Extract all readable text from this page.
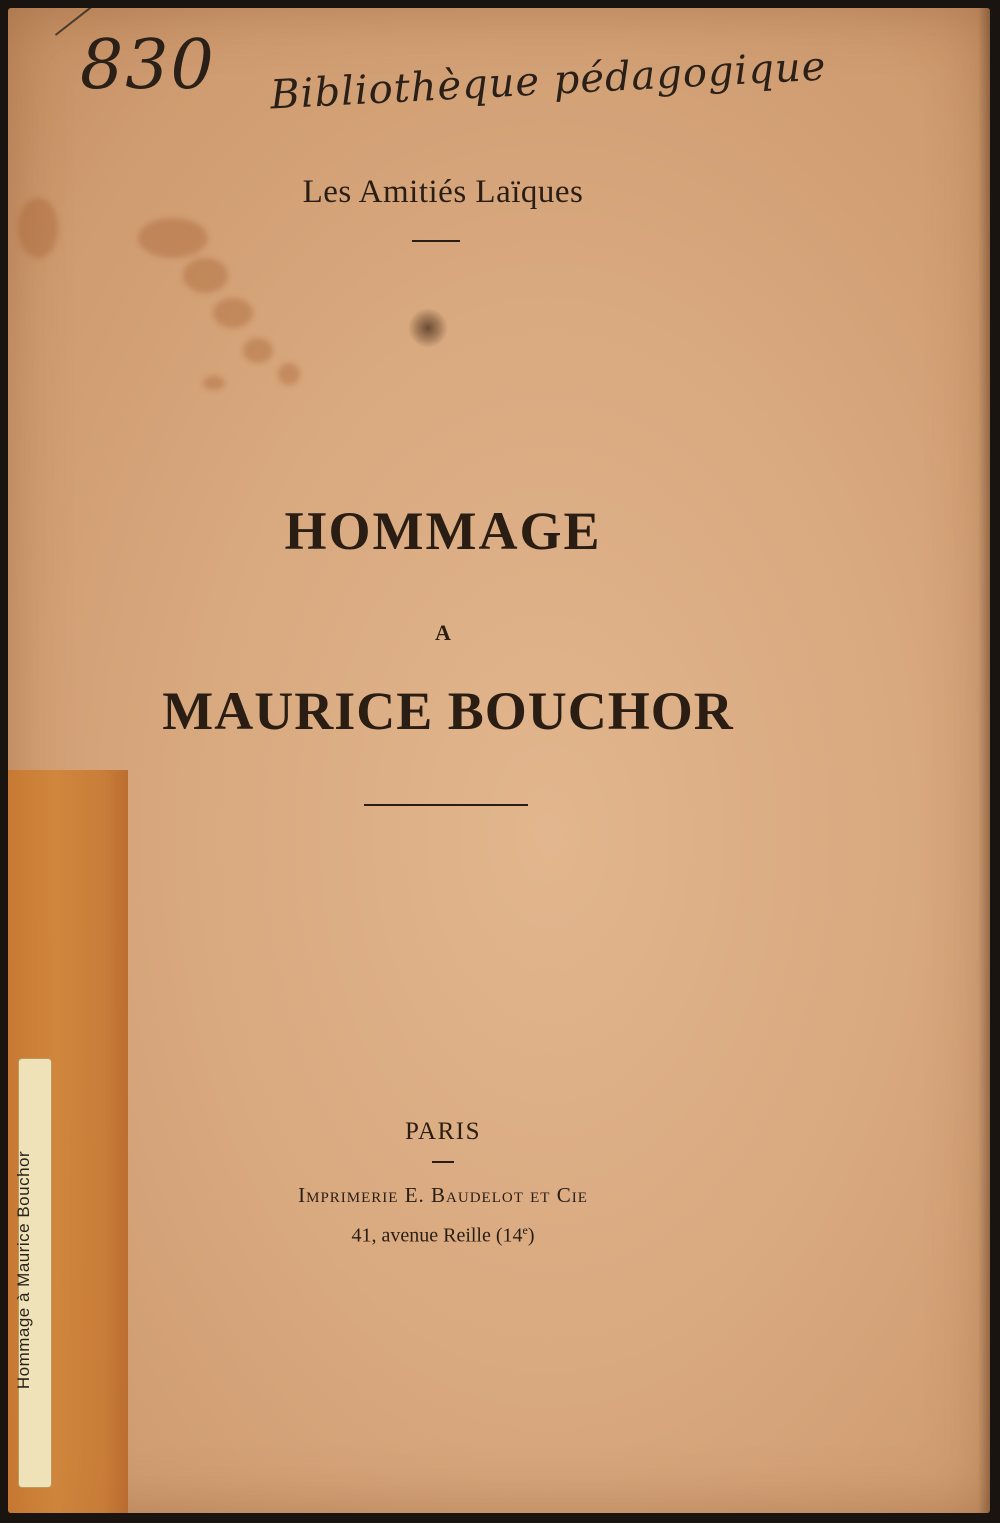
830 Bibliothèque pédagogique
Les Amitiés Laïques
HOMMAGE
A
MAURICE BOUCHOR
PARIS
Imprimerie E. Baudelot et Cie
41, avenue Reille (14e)
Hommage à Maurice Bouchor
